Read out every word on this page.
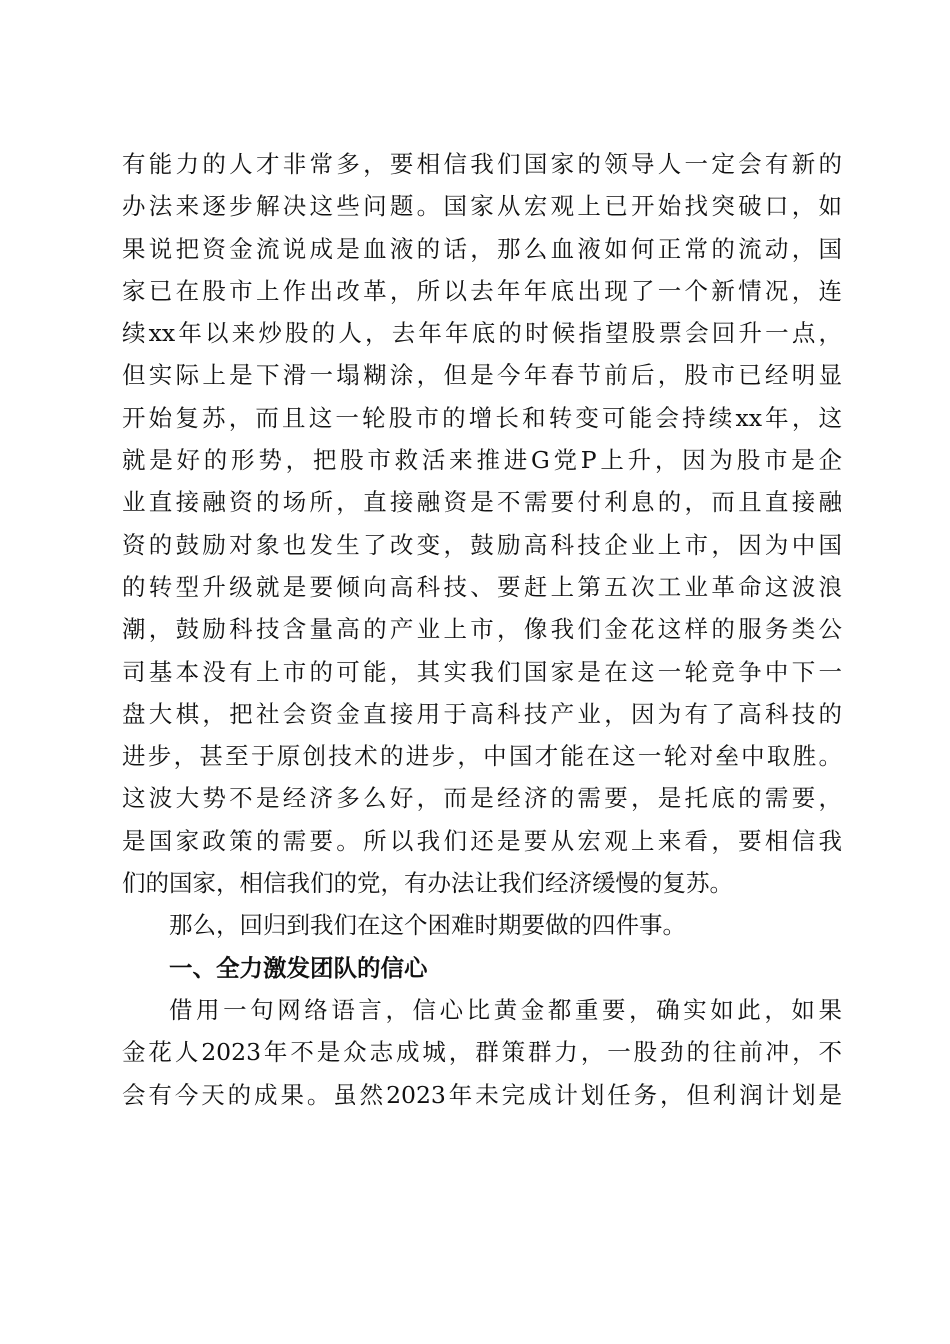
有能力的人才非常多，要相信我们国家的领导人一定会有新的
办法来逐步解决这些问题。国家从宏观上已开始找突破口，如
果说把资金流说成是血液的话，那么血液如何正常的流动，国
家已在股市上作出改革，所以去年年底出现了一个新情况，连
续xx年以来炒股的人，去年年底的时候指望股票会回升一点，
但实际上是下滑一塌糊涂，但是今年春节前后，股市已经明显
开始复苏，而且这一轮股市的增长和转变可能会持续xx年，这
就是好的形势，把股市救活来推进G党P上升，因为股市是企
业直接融资的场所，直接融资是不需要付利息的，而且直接融
资的鼓励对象也发生了改变，鼓励高科技企业上市，因为中国
的转型升级就是要倾向高科技、要赶上第五次工业革命这波浪
潮，鼓励科技含量高的产业上市，像我们金花这样的服务类公
司基本没有上市的可能，其实我们国家是在这一轮竞争中下一
盘大棋，把社会资金直接用于高科技产业，因为有了高科技的
进步，甚至于原创技术的进步，中国才能在这一轮对垒中取胜。
这波大势不是经济多么好，而是经济的需要，是托底的需要，
是国家政策的需要。所以我们还是要从宏观上来看，要相信我
们的国家，相信我们的党，有办法让我们经济缓慢的复苏。
那么，回归到我们在这个困难时期要做的四件事。
一、全力激发团队的信心
借用一句网络语言，信心比黄金都重要，确实如此，如果
金花人2023年不是众志成城，群策群力，一股劲的往前冲，不
会有今天的成果。虽然2023年未完成计划任务，但利润计划是
